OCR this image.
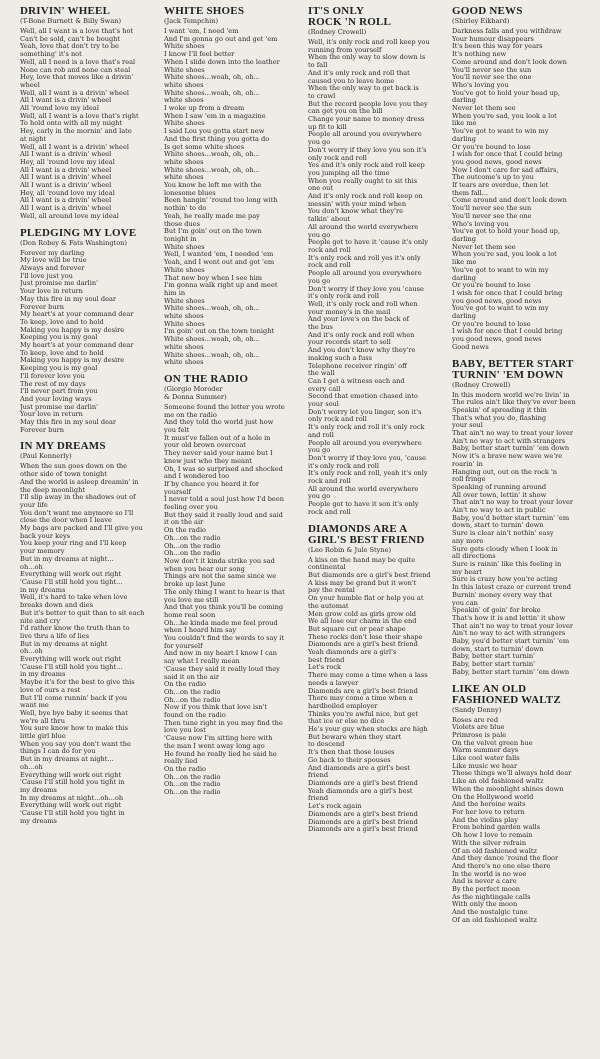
DRIVIN' WHEEL
(T-Bone Burnett & Billy Swan)
Well, all I want is a love that's hot
Can't be sold, can't be bought
Yeah, love that don't try to be
something' it's not
Well, all I need is a love that's real
None can rob and none can steal
Hey, love that moves like a drivin'
wheel
Well, all I want is a drivin' wheel
All I want is a drivin' wheel
All 'round love my ideal
Well, all I want is a love that's right
To hold onto with all my might
Hey, carly in the mornin' and late
at night
Well, all I want is a drivin' wheel
All I want is a drivin' wheel
Hey, all 'round love my ideal
All I want is a drivin' wheel
All I want is a drivin' wheel
All I want is a drivin' wheel
Hey, all 'round love my ideal
All I want is a drivin' wheel
All I want is a drivin' wheel
Well, all around love my ideal
PLEDGING MY LOVE
(Don Robey & Fats Washington)
Forever my darling
My love will be true
Always and forever
I'll love just you
Just promise me darlin'
Your love in return
May this fire in my soul dear
Forever burn
My heart's at your command dear
To keep, love and to hold
Making you happy is my desire
Keeping you is my goal
My heart's at your command dear
To keep, love and to hold
Making you happy is my desire
Keeping you is my goal
I'll forever love you
The rest of my days
I'll never part from you
And your loving ways
Just promise me darlin'
Your love in return
May this fire in my soul dear
Forever burn
IN MY DREAMS
(Paul Kennerly)
When the sun goes down on the
other side of town tonight
And the world is asleep dreamin' in
the deep moonlight
I'll slip away in the shadows out of
your life
You don't want me anymore so I'll
close the door when I leave
My bags are packed and I'll give you
back your keys
You keep your ring and I'll keep
your memory
But in my dreams at night...
oh...oh
Everything will work out right
'Cause I'll still hold you tight...
in my dreams
Well, it's hard to take when love
breaks down and dies
But it's better to quit than to sit each
nite and cry
I'd rather know the truth than to
live thru a life of lies
But in my dreams at night
oh...oh
Everything will work out right
'Cause I'll still hold you tight...
in my dreams
Maybe it's for the best to give this
love of ours a rest
But I'll come runnin' back if you
want me
Well, bye bye baby it seems that
we're all thru
You sure know how to make this
little girl blue
When you say you don't want the
things I can do for you
But in my dreams at night...
oh...oh
Everything will work out right
'Cause I'll still hold you tight in
my dreams
In my dreams at night...oh...oh
Everything will work out right
'Cause I'll still hold you tight in
my dreams
WHITE SHOES
(Jack Tempchin)
I want 'em, I need 'em
And I'm gonna go out and get 'em
White shoes
I know I'll feel better
When I slide down into the leather
White shoes
White shoes...woah, oh, oh...
white shoes
White shoes...woah, oh, oh...
white shoes
I woke up from a dream
When I saw 'em in a magazine
White shoes
I said Lou you gotta start new
And the first thing you gotta do
Is get some white shoes
White shoes...woah, oh, oh...
white shoes
White shoes...woah, oh, oh...
white shoes
You know he left me with the
lonesome blues
Been hangin' 'round too long with
nothin' to do
Yeah, he really made me pay
those dues
But I'm goin' out on the town
tonight in
White shoes
Well, I wanted 'em, I needed 'em
Yeah, and I went out and got 'em
White shoes
That new boy when I see him
I'm gonna walk right up and meet
him in
White shoes
White shoes...woah, oh, oh...
white shoes
White shoes
I'm goin' out on the town tonight
White shoes...woah, oh, oh...
white shoes
White shoes...woah, oh, oh...
white shoes
ON THE RADIO
(Giorgio Moroder
& Donna Summer)
Someone found the letter you wrote
me on the radio
And they told the world just how
you felt
It must've fallen out of a hole in
your old brown overcoat
They never said your name but I
knew just who they meant
Oh, I was so surprised and shocked
and I wondered too
If by chance you heard it for
yourself
I never told a soul just how I'd been
feeling over you
But they said it really loud and said
it on the air
On the radio
Oh...on the radio
Oh...on the radio
Oh...on the radio
Now don't it kinda strike you sad
when you hear our song
Things are not the same since we
broke up last June
The only thing I want to hear is that
you love me still
And that you think you'll be coming
home real soon
Oh...he kinda made me feel proud
when I heard him say
You couldn't find the words to say it
for yourself
And now in my heart I know I can
say what I really mean
'Cause they said it really loud they
said it on the air
On the radio
Oh...on the radio
Oh...on the radio
Now if you think that love isn't
found on the radio
Then tune right in you may find the
love you lost
'Cause now I'm sitting here with
the man I went away long ago
He found he really lied he said he
really lied
On the radio
Oh...on the radio
Oh...on the radio
Oh...on the radio
IT'S ONLY
ROCK 'N ROLL
(Rodney Crowell)
Well, it's only rock and roll keep you
running from yourself
When the only way to slow down is
to fall
And it's only rock and roll that
caused you to leave home
When the only way to get back is
to crawl
But the record people love you they
can get you on the bill
Change your name to money dress
up fit to kill
People all around you everywhere
you go
Don't worry if they love you son it's
only rock and roll
Yes and it's only rock and roll keep
you jumping all the time
When you really ought to sit this
one out
And it's only rock and roll keep on
messin' with your mind when
You don't know what they're
talkin' about
All around the world everywhere
you go
People got to have it 'cause it's only
rock and roll
It's only rock and roll yes it's only
rock and roll
People all around you everywhere
you go
Don't worry if they love you 'cause
it's only rock and roll
Well, it's only rock and roll when
your money's in the mail
And your love's on the back of
the bus
And it's only rock and roll when
your records start to sell
And you don't know why they're
making such a fuss
Telephone receiver ringin' off
the wall
Can I get a witness each and
every call
Second that emotion chased into
your soul
Don't worry let you linger, son it's
only rock and roll
It's only rock and roll it's only rock
and roll
People all around you everywhere
you go
Don't worry if they love you, 'cause
it's only rock and roll
It's only rock and roll, yeah it's only
rock and roll
All around the world everywhere
you go
People got to have it son it's only
rock and roll
DIAMONDS ARE A
GIRL'S BEST FRIEND
(Leo Robin & Jule Styne)
A kiss on the hand may be quite
continental
But diamonds are a girl's best friend
A kiss may be grand but it won't
pay the rental
On your humble flat or help you at
the automat
Men grow cold as girls grow old
We all lose our charm in the end
But square cut or pear shape
These rocks don't lose their shape
Diamonds are a girl's best friend
Yeah diamonds are a girl's
best friend
Let's rock
There may come a time when a lass
needs a lawyer
Diamonds are a girl's best friend
There may come a time when a
hardboiled employer
Thinks you're awful nice, but get
that ice or else no dice
He's your guy when stocks are high
But beware when they start
to descend
It's then that those louses
Go back to their spouses
And diamonds are a girl's best
friend
Diamonds are a girl's best friend
Yeah diamonds are a girl's best
friend
Let's rock again
Diamonds are a girl's best friend
Diamonds are a girl's best friend
Diamonds are a girl's best friend
GOOD NEWS
(Shirley Eikhard)
Darkness falls and you withdraw
Your humour disappears
It's been this way for years
It's nothing new
Come around and don't look down
You'll never see the sun
You'll never see the one
Who's loving you
You've got to hold your head up,
darling
Never let them see
When you're sad, you look a lot
like me
You've got to want to win my
darling
Or you're bound to lose
I wish for once that I could bring
you good news, good news
Now I don't care for sad affairs,
The outcome's up to you
If tears are overdue, then let
them fall...
Come around and don't look down
You'll never see the sun
You'll never see the one
Who's loving you
You've got to hold your head up,
darling
Never let them see
When you're sad, you look a lot
like me
You've got to want to win my
darling
Or you're bound to lose
I wish for once that I could bring
you good news, good news
You've got to want to win my
darling
Or you're bound to lose
I wish for once that I could bring
you good news, good news
Good news
BABY, BETTER START
TURNIN' 'EM DOWN
(Rodney Crowell)
In this modern world we're livin' in
The rules ain't like they've ever been
Speakin' of spreading it thin
That's what you do, flashing
your soul
That ain't no way to treat your lover
Ain't no way to act with strangers
Baby, better start turnin' 'em down
Now it's a brave new wave we're
roarin' in
Hanging out, out on the rock 'n
roll fringe
Speaking of running around
All over town, lettin' it show
That ain't no way to treat your lover
Ain't no way to act in public
Baby, you'd better start turnin' 'em
down, start to turnin' down
Sure is clear ain't nothin' easy
any more
Sure gets cloudy when I look in
all directions
Sure is rainin' like this feeling in
my heart
Sure is crazy how you're acting
In this latest craze or current trend
Burnin' money every way that
you can
Speakin' of goin' for broke
That's how it is and lettin' it show
That ain't no way to treat your lover
Ain't no way to act with strangers
Baby, you'd better start turnin' 'em
down, start to turnin' down
Baby, better start turnin'
Baby, better start turnin'
Baby, better start turnin' 'em down
LIKE AN OLD
FASHIONED WALTZ
(Sandy Denny)
Roses are red
Violets are blue
Primrose is pale
On the velvet green hue
Warm summer days
Like cool water falls
Like music we hear
Those things we'll always hold dear
Like an old fashioned waltz
When the moonlight shines down
On the Hollywood world
And the heroine waits
For her love to return
And the violins play
From behind garden walls
Oh how I love to remain
With the silver refrain
Of an old fashioned waltz
And they dance 'round the floor
And there's no one else there
In the world is no woe
And is never a care
By the perfect moon
As the nightingale calls
With only the moon
And the nostalgic tune
Of an old fashioned waltz
